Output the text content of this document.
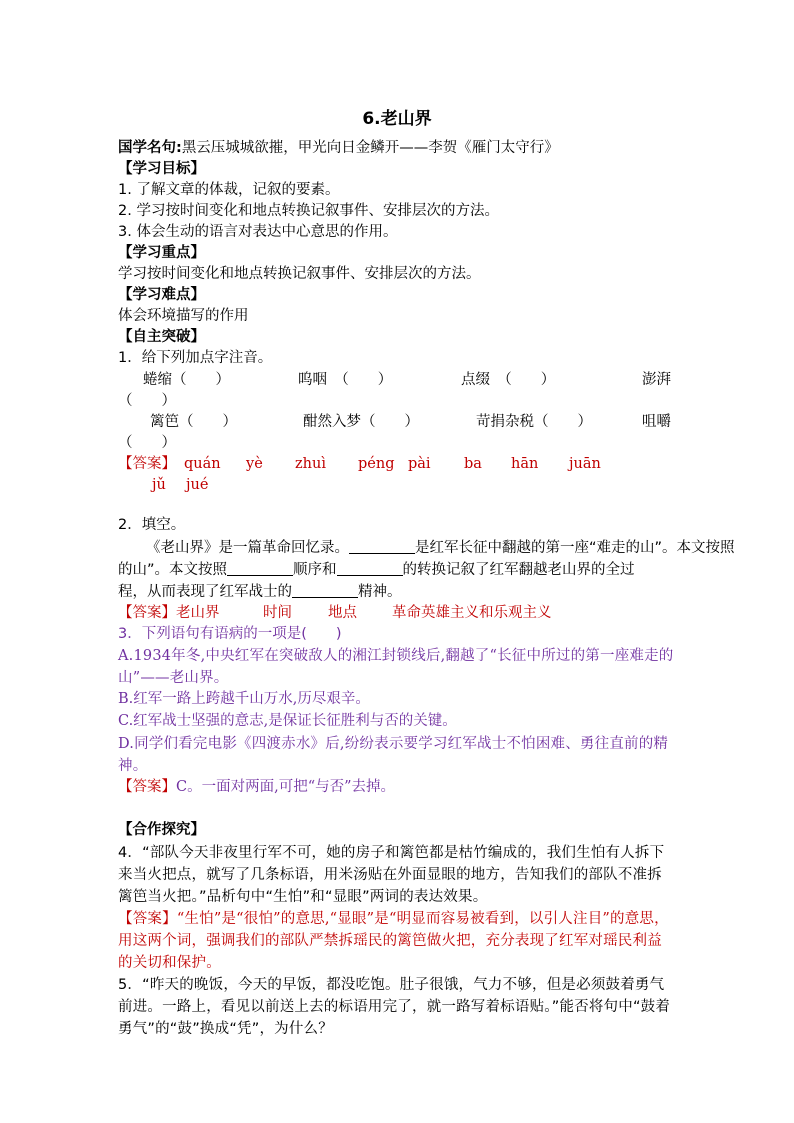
6.老山界
国学名句:黑云压城城欲摧，甲光向日金鳞开——李贺《雁门太守行》
【学习目标】
1. 了解文章的体裁，记叙的要素。
2. 学习按时间变化和地点转换记叙事件、安排层次的方法。
3. 体会生动的语言对表达中心意思的作用。
【学习重点】
学习按时间变化和地点转换记叙事件、安排层次的方法。
【学习难点】
体会环境描写的作用
【自主突破】
1．给下列加点字注音。
蜷缩（　　）	呜咽　（　　）	点缀　（　　）	澎湃
（　　）
篱笆（　　）	酣然入梦（　　）	苛捐杂税（　　）	咀嚼
（　　）
【答案】 quán yè zhuì péng pài ba hān juān
jǔ jué
2．填空。
《老山界》是一篇革命回忆录。	是红军长征中翻越的第一座“难走的山”。本文按照
的山”。本文按照	顺序和	的转换记叙了红军翻越老山界的全过
程，从而表现了红军战士的	精神。
【答案】老山界	时间 地点 革命英雄主义和乐观主义
3．下列语句有语病的一项是(　　)
A.1934年冬,中央红军在突破敌人的湘江封锁线后,翻越了“长征中所过的第一座难走的山”——老山界。
B.红军一路上跨越千山万水,历尽艰辛。
C.红军战士坚强的意志,是保证长征胜利与否的关键。
D.同学们看完电影《四渡赤水》后,纷纷表示要学习红军战士不怕困难、勇往直前的精神。
【答案】C。一面对两面,可把“与否”去掉。
【合作探究】
4．“部队今天非夜里行军不可，她的房子和篱笆都是枯竹编成的，我们生怕有人拆下来当火把点，就写了几条标语，用米汤贴在外面显眼的地方，告知我们的部队不准拆篱笆当火把。”品析句中“生怕”和“显眼”两词的表达效果。
【答案】“生怕”是“很怕”的意思,“显眼”是“明显而容易被看到，以引人注目”的意思，用这两个词，强调我们的部队严禁拆瑶民的篱笆做火把，充分表现了红军对瑶民利益的关切和保护。
5．“昨天的晚饭，今天的早饭，都没吃饱。肚子很饿，气力不够，但是必须鼓着勇气前进。一路上，看见以前送上去的标语用完了，就一路写着标语贴。”能否将句中“鼓着勇气”的“鼓”换成“凭”，为什么？
